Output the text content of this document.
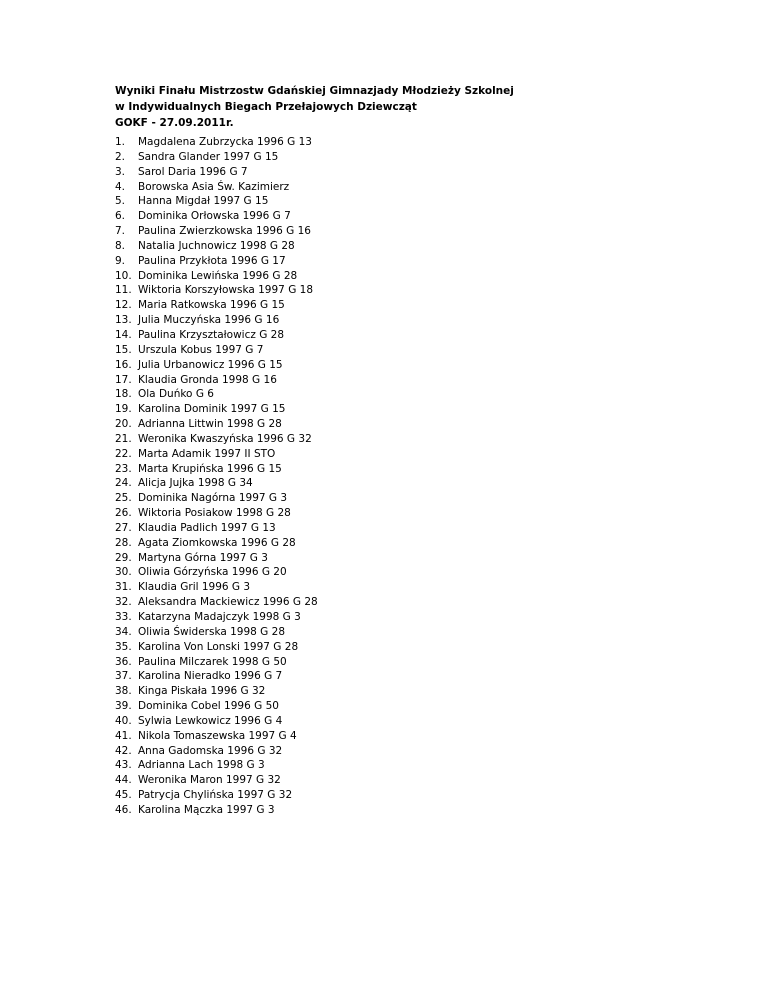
Wyniki Finału Mistrzostw Gdańskiej Gimnazjady Młodzieży Szkolnej
w Indywidualnych Biegach Przełajowych Dziewcząt
GOKF - 27.09.2011r.
1.	Magdalena Zubrzycka 1996 G 13
2.	Sandra Glander 1997 G 15
3.	Sarol Daria 1996 G 7
4.	Borowska Asia Św. Kazimierz
5.	Hanna Migdał 1997 G 15
6.	Dominika Orłowska 1996 G 7
7.	Paulina Zwierzkowska 1996 G 16
8.	Natalia Juchnowicz 1998 G 28
9.	Paulina Przykłota 1996 G 17
10. Dominika Lewińska 1996 G 28
11. Wiktoria Korszyłowska 1997 G 18
12. Maria Ratkowska 1996 G 15
13. Julia Muczyńska 1996 G 16
14. Paulina Krzyształowicz G 28
15. Urszula Kobus 1997 G 7
16. Julia Urbanowicz 1996 G 15
17. Klaudia Gronda 1998 G 16
18. Ola Duńko G 6
19. Karolina Dominik 1997 G 15
20. Adrianna Littwin 1998 G 28
21. Weronika Kwaszyńska 1996 G 32
22. Marta Adamik 1997 II STO
23. Marta Krupińska 1996 G 15
24. Alicja Jujka 1998 G 34
25. Dominika Nagórna 1997 G 3
26. Wiktoria Posiakow 1998 G 28
27. Klaudia Padlich 1997 G 13
28. Agata Ziomkowska 1996 G 28
29. Martyna Górna 1997 G 3
30. Oliwia Górzyńska 1996 G 20
31. Klaudia Gril 1996 G 3
32. Aleksandra Mackiewicz 1996 G 28
33. Katarzyna Madajczyk 1998 G 3
34. Oliwia Świderska 1998 G 28
35. Karolina Von Lonski 1997 G 28
36. Paulina Milczarek 1998 G 50
37. Karolina Nieradko 1996 G 7
38. Kinga Piskała 1996 G 32
39. Dominika Cobel 1996 G 50
40. Sylwia Lewkowicz 1996 G 4
41. Nikola Tomaszewska 1997 G 4
42. Anna Gadomska 1996 G 32
43. Adrianna Lach 1998 G 3
44. Weronika Maron 1997 G 32
45. Patrycja Chylińska 1997 G 32
46. Karolina Mączka 1997 G 3
